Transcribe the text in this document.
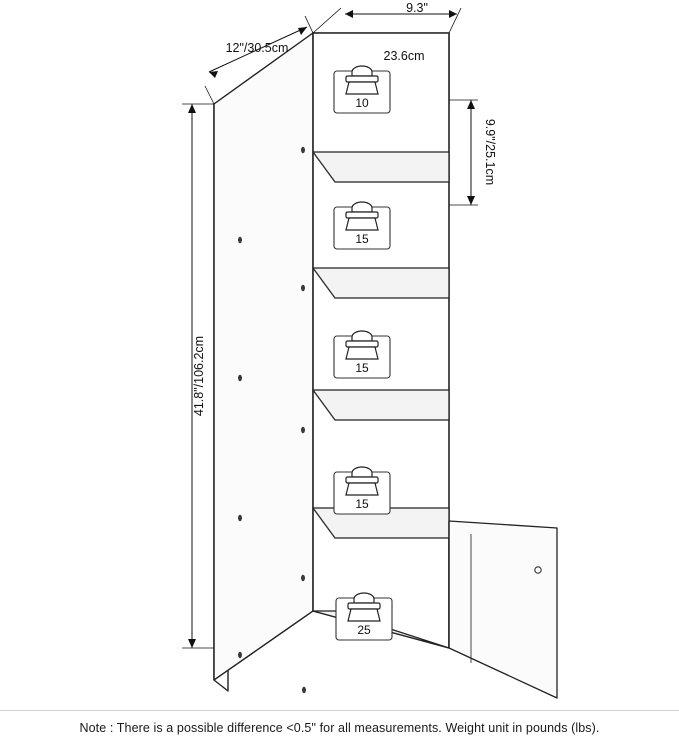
10
15
15
15
25
12"/30.5cm
9.3"
23.6cm
9.9"/25.1cm
41.8"/106.2cm
Note : There is a possible difference <0.5" for all measurements. Weight unit in pounds (lbs).
